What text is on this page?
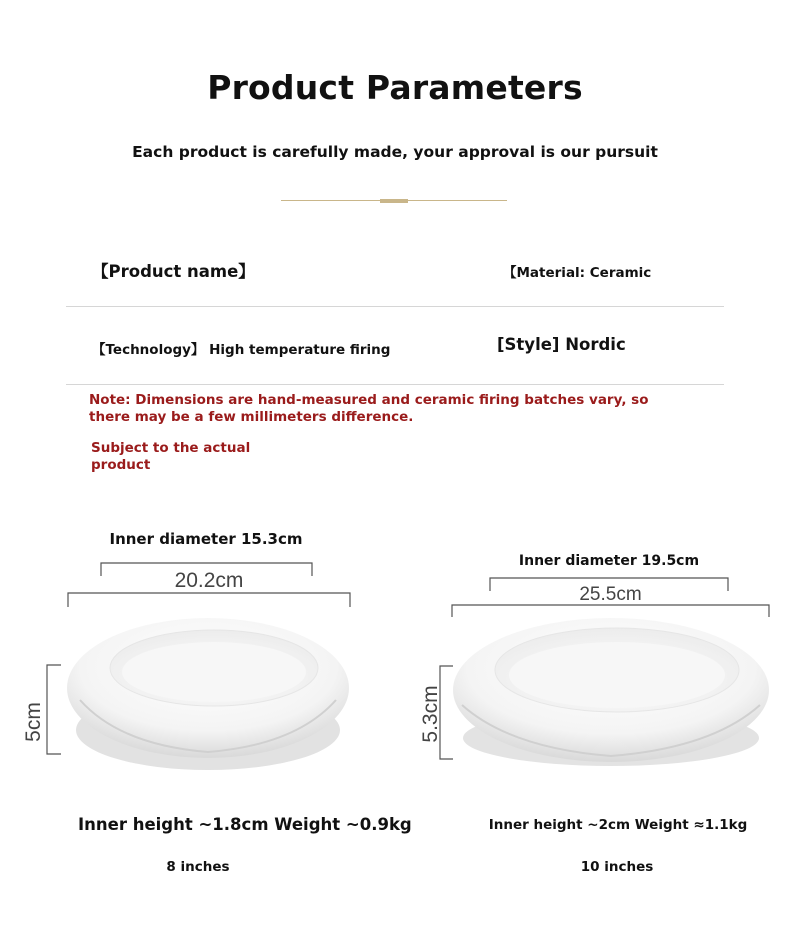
Product Parameters
Each product is carefully made, your approval is our pursuit
【Product name】	【Material: Ceramic
【Technology】 High temperature firing	[Style] Nordic
Note: Dimensions are hand-measured and ceramic firing batches vary, so there may be a few millimeters difference.
Subject to the actual product
Inner diameter 15.3cm
20.2cm
5cm
Inner height ~1.8cm Weight ~0.9kg
8 inches
Inner diameter 19.5cm
25.5cm
5.3cm
Inner height ~2cm Weight ≈1.1kg
10 inches
